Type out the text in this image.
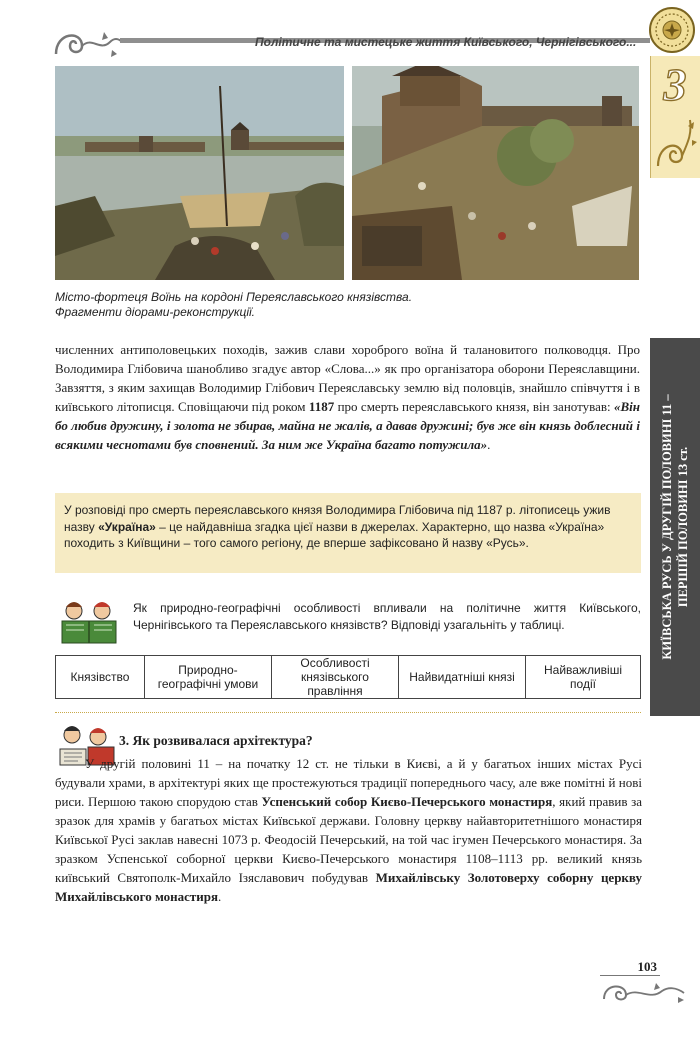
Політичне та мистецьке життя Київського, Чернігівського...
3
КИЇВСЬКА РУСЬ У ДРУГІЙ ПОЛОВИНІ 11 – ПЕРШІЙ ПОЛОВИНІ 13 ст.
Місто-фортеця Воїнь на кордоні Переяславського князівства.
Фрагменти діорами-реконструкції.
численних антиполовецьких походів, зажив слави хороброго воїна й талановитого полководця. Про Володимира Глібовича шанобливо згадує автор «Слова...» як про організатора оборони Переяславщини. Завзяття, з яким захищав Володимир Глібович Переяславську землю від половців, знайшло співчуття і в київського літописця. Сповіщаючи під роком 1187 про смерть переяславського князя, він занотував: «Він бо любив дружину, і золота не збирав, майна не жалів, а давав дружині; був же він князь доблесний і всякими чеснотами був сповнений. За ним же Україна багато потужила».
У розповіді про смерть переяславського князя Володимира Глібовича під 1187 р. літописець ужив назву «Україна» – це найдавніша згадка цієї назви в джерелах. Характерно, що назва «Україна» походить з Київщини – того самого регіону, де вперше зафіксовано й назву «Русь».
Як природно-географічні особливості впливали на політичне життя Київського, Чернігівського та Переяславського князівств? Відповіді узагальніть у таблиці.
Князівство	Природно-географічні умови	Особливості князівського правління	Найвидатніші князі	Найважливіші події
3. Як розвивалася архітектура?
У другій половині 11 – на початку 12 ст. не тільки в Києві, а й у багатьох інших містах Русі будували храми, в архітектурі яких ще простежуються традиції попереднього часу, але вже помітні й нові риси. Першою такою спорудою став Успенський собор Києво-Печерського монастиря, який правив за зразок для храмів у багатьох містах Київської держави. Головну церкву найавторитетнішого монастиря Київської Русі заклав навесні 1073 р. Феодосій Печерський, на той час ігумен Печерського монастиря. За зразком Успенської соборної церкви Києво-Печерського монастиря 1108–1113 рр. великий князь київський Святополк-Михайло Ізяславович побудував Михайлівську Золотоверху соборну церкву Михайлівського монастиря.
103
